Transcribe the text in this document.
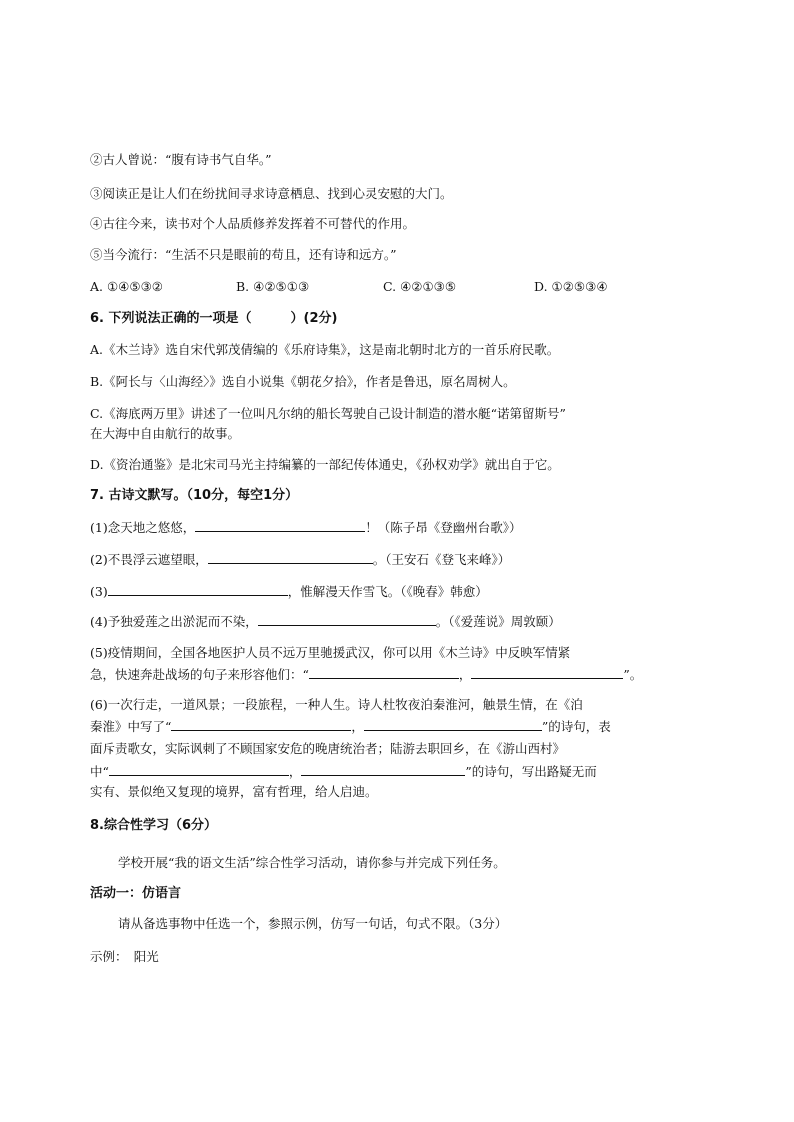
②古人曾说：“腹有诗书气自华。”
③阅读正是让人们在纷扰间寻求诗意栖息、找到心灵安慰的大门。
④古往今来，读书对个人品质修养发挥着不可替代的作用。
⑤当今流行：“生活不只是眼前的苟且，还有诗和远方。”
A. ①④⑤③②	B. ④②⑤①③	C. ④②①③⑤	D. ①②⑤③④
6. 下列说法正确的一项是（　　　）(2分)
A.《木兰诗》选自宋代郭茂倩编的《乐府诗集》，这是南北朝时北方的一首乐府民歌。
B.《阿长与〈山海经〉》选自小说集《朝花夕拾》，作者是鲁迅，原名周树人。
C.《海底两万里》讲述了一位叫凡尔纳的船长驾驶自己设计制造的潜水艇“诺第留斯号”
在大海中自由航行的故事。
D.《资治通鉴》是北宋司马光主持编纂的一部纪传体通史，《孙权劝学》就出自于它。
7. 古诗文默写。（10分，每空1分）
(1)念天地之悠悠，	！（陈子昂《登幽州台歌》）
(2)不畏浮云遮望眼，	。（王安石《登飞来峰》）
(3)	，惟解漫天作雪飞。（《晚春》韩愈）
(4)予独爱莲之出淤泥而不染，	。（《爱莲说》周敦颐）
(5)疫情期间，全国各地医护人员不远万里驰援武汉，你可以用《木兰诗》中反映军情紧
急，快速奔赴战场的句子来形容他们：“	，	”。
(6)一次行走，一道风景；一段旅程，一种人生。诗人杜牧夜泊秦淮河，触景生情，在《泊
秦淮》中写了“	，	”的诗句，表
面斥责歌女，实际讽刺了不顾国家安危的晚唐统治者；陆游去职回乡，在《游山西村》
中“	，	”的诗句，写出路疑无而
实有、景似绝又复现的境界，富有哲理，给人启迪。
8.综合性学习（6分）
学校开展“我的语文生活”综合性学习活动，请你参与并完成下列任务。
活动一：仿语言
请从备选事物中任选一个，参照示例，仿写一句话，句式不限。（3分）
示例：　阳光
